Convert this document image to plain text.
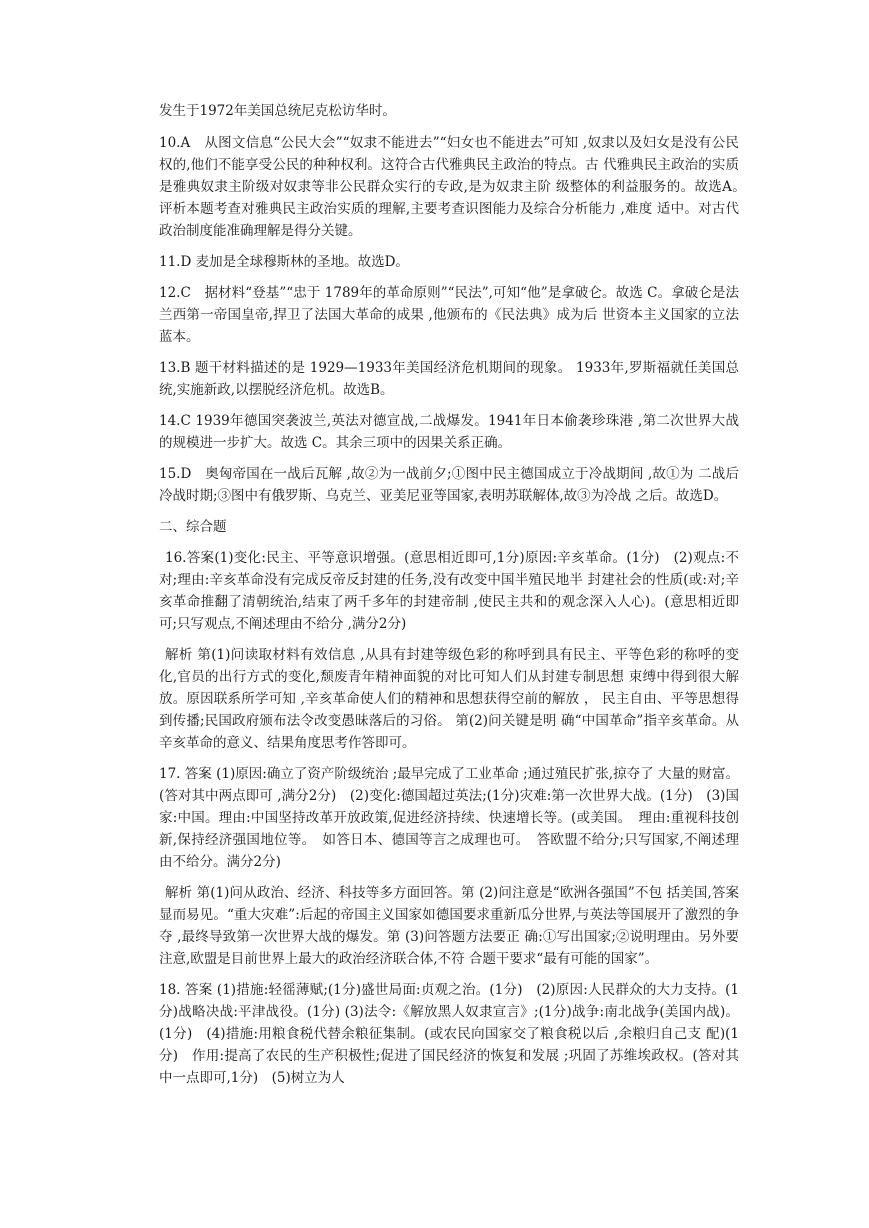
发生于1972年美国总统尼克松访华时。

10.A　从图文信息“公民大会”“奴隶不能进去”“妇女也不能进去”可知 ,奴隶以及妇女是没有公民权的,他们不能享受公民的种种权利。这符合古代雅典民主政治的特点。古 代雅典民主政治的实质是雅典奴隶主阶级对奴隶等非公民群众实行的专政,是为奴隶主阶 级整体的利益服务的。故选A。　评析本题考查对雅典民主政治实质的理解,主要考查识图能力及综合分析能力 ,难度 适中。对古代政治制度能准确理解是得分关键。

11.D 麦加是全球穆斯林的圣地。故选D。

12.C　据材料“登基”“忠于 1789年的革命原则”“民法”,可知“他”是拿破仑。故选 C。拿破仑是法兰西第一帝国皇帝,捍卫了法国大革命的成果 ,他颁布的《民法典》成为后 世资本主义国家的立法蓝本。

13.B 题干材料描述的是 1929—1933年美国经济危机期间的现象。 1933年,罗斯福就任美国总统,实施新政,以摆脱经济危机。故选B。

14.C 1939年德国突袭波兰,英法对德宣战,二战爆发。1941年日本偷袭珍珠港 ,第二次世界大战的规模进一步扩大。故选 C。其余三项中的因果关系正确。

15.D　奥匈帝国在一战后瓦解 ,故②为一战前夕;①图中民主德国成立于冷战期间 ,故①为 二战后冷战时期;③图中有俄罗斯、乌克兰、亚美尼亚等国家,表明苏联解体,故③为冷战 之后。故选D。

二、综合题

16.答案(1)变化:民主、平等意识增强。(意思相近即可,1分)原因:辛亥革命。(1分)　(2)观点:不对;理由:辛亥革命没有完成反帝反封建的任务,没有改变中国半殖民地半 封建社会的性质(或:对;辛亥革命推翻了清朝统治,结束了两千多年的封建帝制 ,使民主共和的观念深入人心)。(意思相近即可;只写观点,不阐述理由不给分 ,满分2分)

解析 第(1)问读取材料有效信息 ,从具有封建等级色彩的称呼到具有民主、平等色彩的称呼的变化,官员的出行方式的变化,颓废青年精神面貌的对比可知人们从封建专制思想 束缚中得到很大解放。原因联系所学可知 ,辛亥革命使人们的精神和思想获得空前的解放 ， 民主自由、平等思想得到传播;民国政府颁布法令改变愚昧落后的习俗。 第(2)问关键是明 确“中国革命”指辛亥革命。从辛亥革命的意义、结果角度思考作答即可。

17. 答案 (1)原因:确立了资产阶级统治 ;最早完成了工业革命 ;通过殖民扩张,掠夺了 大量的财富。(答对其中两点即可 ,满分2分)　(2)变化:德国超过英法;(1分)灾难:第一次世界大战。(1分)　(3)国家:中国。理由:中国坚持改革开放政策,促进经济持续、快速增长等。(或美国。　理由:重视科技创新,保持经济强国地位等。　如答日本、德国等言之成理也可。　答欧盟不给分;只写国家,不阐述理由不给分。满分2分)

解析 第(1)问从政治、经济、科技等多方面回答。第 (2)问注意是“欧洲各强国”不包 括美国,答案显而易见。“重大灾难”:后起的帝国主义国家如德国要求重新瓜分世界,与英法等国展开了激烈的争夺 ,最终导致第一次世界大战的爆发。第 (3)问答题方法要正 确:①写出国家;②说明理由。另外要注意,欧盟是目前世界上最大的政治经济联合体,不符 合题干要求“最有可能的国家”。

18. 答案 (1)措施:轻徭薄赋;(1分)盛世局面:贞观之治。(1分)　(2)原因:人民群众的大力支持。(1分)战略决战:平津战役。(1分) (3)法令:《解放黑人奴隶宣言》;(1分)战争:南北战争(美国内战)。(1分)　(4)措施:用粮食税代替余粮征集制。(或农民向国家交了粮食税以后 ,余粮归自己支 配)(1分)　作用:提高了农民的生产积极性;促进了国民经济的恢复和发展 ;巩固了苏维埃政权。(答对其中一点即可,1分)　(5)树立为人
